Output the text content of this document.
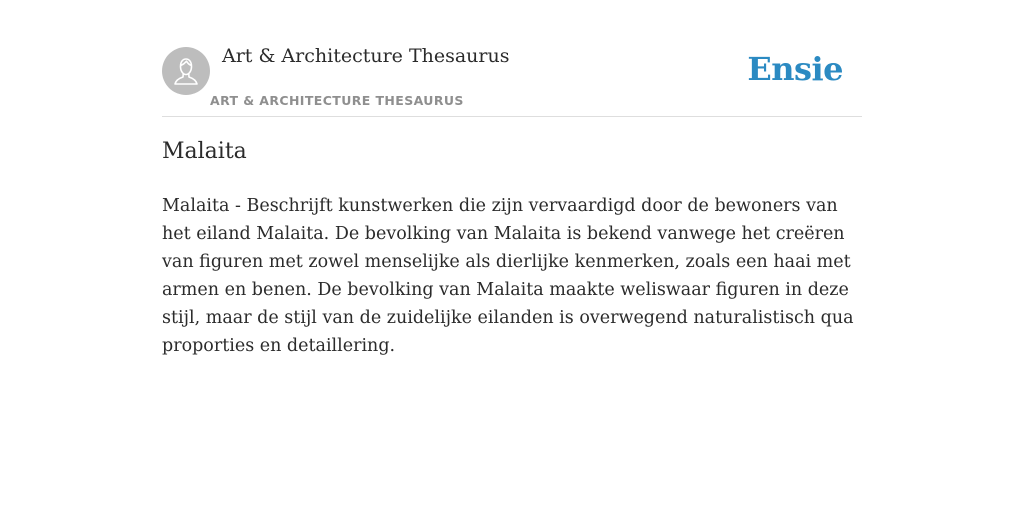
Art & Architecture Thesaurus
ART & ARCHITECTURE THESAURUS
Ensie
Malaita

Malaita - Beschrijft kunstwerken die zijn vervaardigd door de bewoners van het eiland Malaita. De bevolking van Malaita is bekend vanwege het creëren van figuren met zowel menselijke als dierlijke kenmerken, zoals een haai met armen en benen. De bevolking van Malaita maakte weliswaar figuren in deze stijl, maar de stijl van de zuidelijke eilanden is overwegend naturalistisch qua proporties en detaillering.
